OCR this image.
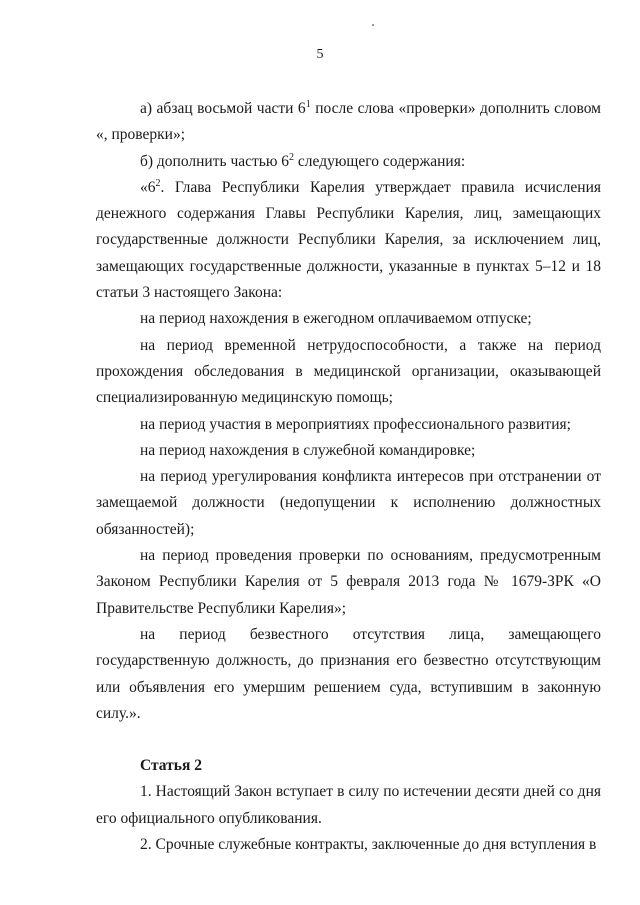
5

а) абзац восьмой части $6^1$ после слова «проверки» дополнить словом «, проверки»;

б) дополнить частью $6^2$ следующего содержания:

«$6^2$. Глава Республики Карелия утверждает правила исчисления денежного содержания Главы Республики Карелия, лиц, замещающих государственные должности Республики Карелия, за исключением лиц, замещающих государственные должности, указанные в пунктах 5–12 и 18 статьи 3 настоящего Закона:

на период нахождения в ежегодном оплачиваемом отпуске;

на период временной нетрудоспособности, а также на период прохождения обследования в медицинской организации, оказывающей специализированную медицинскую помощь;

на период участия в мероприятиях профессионального развития;

на период нахождения в служебной командировке;

на период урегулирования конфликта интересов при отстранении от замещаемой должности (недопущении к исполнению должностных обязанностей);

на период проведения проверки по основаниям, предусмотренным Законом Республики Карелия от 5 февраля 2013 года № 1679-ЗРК «О Правительстве Республики Карелия»;

на период безвестного отсутствия лица, замещающего государственную должность, до признания его безвестно отсутствующим или объявления его умершим решением суда, вступившим в законную силу.».

Статья 2

1. Настоящий Закон вступает в силу по истечении десяти дней со дня его официального опубликования.

2. Срочные служебные контракты, заключенные до дня вступления в
